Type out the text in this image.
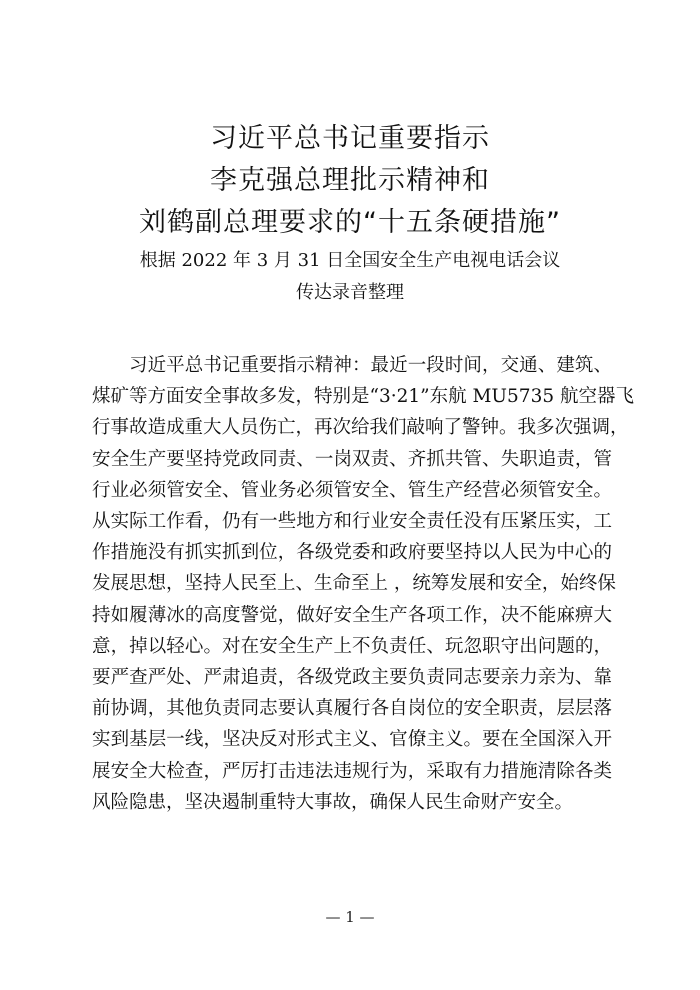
习近平总书记重要指示
李克强总理批示精神和
刘鹤副总理要求的“十五条硬措施”
根据 2022 年 3 月 31 日全国安全生产电视电话会议
传达录音整理
习近平总书记重要指示精神：最近一段时间，交通、建筑、
煤矿等方面安全事故多发，特别是“3·21”东航 MU5735 航空器飞
行事故造成重大人员伤亡，再次给我们敲响了警钟。我多次强调，
安全生产要坚持党政同责、一岗双责、齐抓共管、失职追责，管
行业必须管安全、管业务必须管安全、管生产经营必须管安全。
从实际工作看，仍有一些地方和行业安全责任没有压紧压实，工
作措施没有抓实抓到位，各级党委和政府要坚持以人民为中心的
发展思想，坚持人民至上、生命至上 ，统筹发展和安全，始终保
持如履薄冰的高度警觉，做好安全生产各项工作，决不能麻痹大
意，掉以轻心。对在安全生产上不负责任、玩忽职守出问题的，
要严查严处、严肃追责，各级党政主要负责同志要亲力亲为、靠
前协调，其他负责同志要认真履行各自岗位的安全职责，层层落
实到基层一线，坚决反对形式主义、官僚主义。要在全国深入开
展安全大检查，严厉打击违法违规行为，采取有力措施清除各类
风险隐患，坚决遏制重特大事故，确保人民生命财产安全。
— 1 —
